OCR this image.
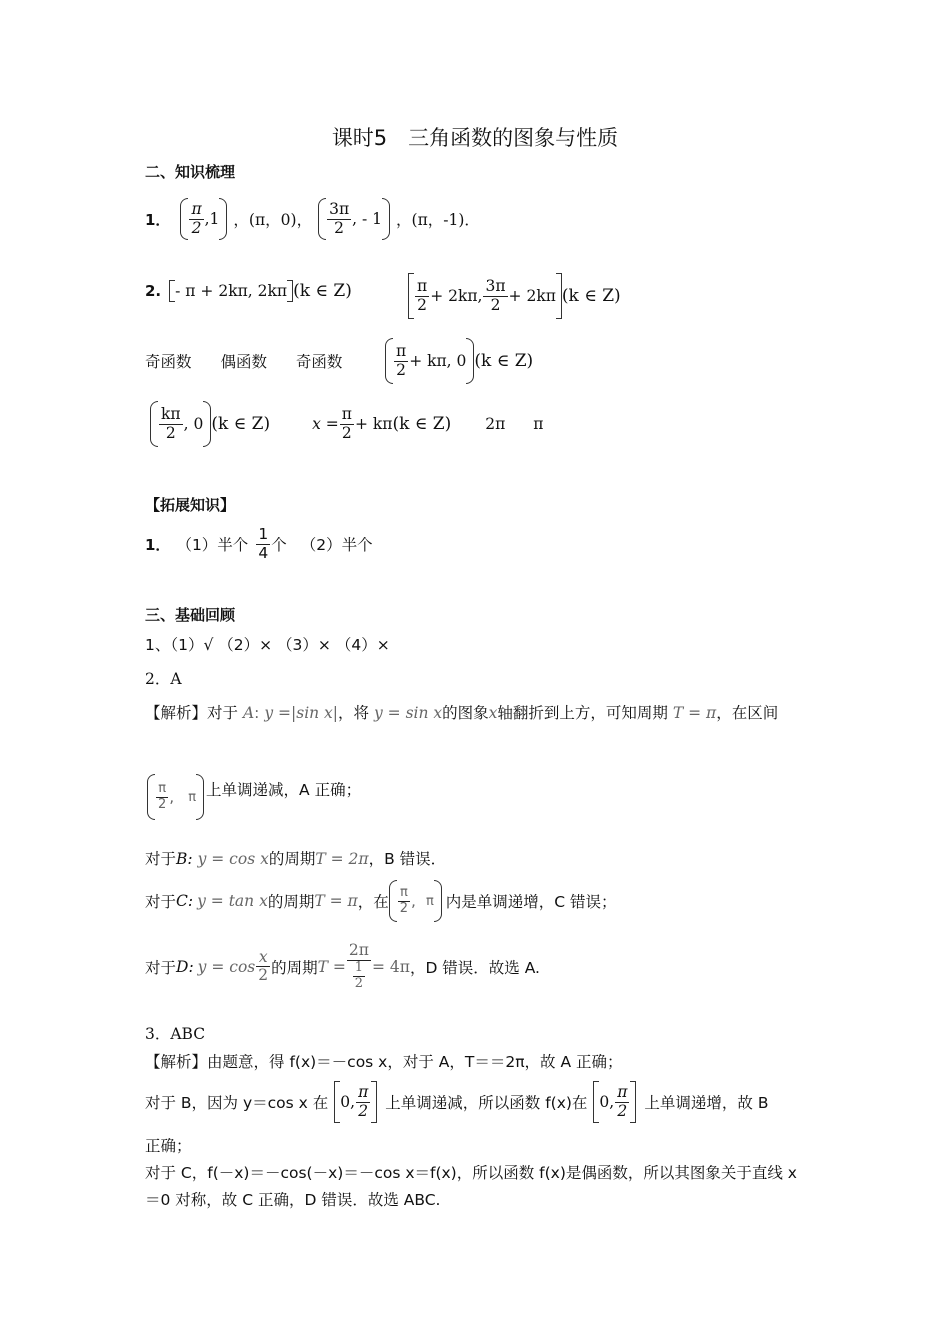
课时5　三角函数的图象与性质
二、知识梳理
1． $\frac{\pi}{2} ,1$ ，(π，0)， $\frac{3\pi}{2}$ , - 1 ，(π，-1)．
2. - π + 2kπ, 2kπ (k ∈ Z)	$\frac{\pi}{2} + 2k\pi$, $\frac{3\pi}{2} + 2k\pi$ (k ∈ Z)
奇函数 偶函数 奇函数	$\frac{\pi}{2} + k\pi$, 0 (k ∈ Z)
$\frac{k\pi}{2}$ , 0 (k ∈ Z)	$x = \frac{\pi}{2} + k\pi$ (k ∈ Z) 2π π
【拓展知识】
1． （1）半个 $\frac{1}{4}$ 个 （2）半个
三、基础回顾
1、（1）√ （2）× （3）× （4）×
2．A
【解析】对于 A: y =|sin x|，将 y = sin x的图象x轴翻折到上方，可知周期 T = π，在区间
$\frac{\pi}{2}$ , π 上单调递减，A 正确；
对于B: y = cos x的周期T = 2π，B 错误．
对于 C: y = tan x 的周期 T = π ，在 $\frac{\pi}{2}$ , π 内是单调递增，C 错误；
对于 D: $y = \cos \frac{x}{2}$ 的周期 $T = \frac{2\pi}{\frac{1}{2}} = 4\pi$ ，D 错误．故选 A.
3．ABC
【解析】由题意，得 f(x)＝－cos x，对于 A，T＝＝2π，故 A 正确；
对于 B，因为 y＝cos x 在 0, $\frac{\pi}{2}$ 上单调递减，所以函数 f(x)在 0, $\frac{\pi}{2}$ 上单调递增，故 B
正确；
对于 C，f(－x)＝－cos(－x)＝－cos x＝f(x)，所以函数 f(x)是偶函数，所以其图象关于直线 x
＝0 对称，故 C 正确，D 错误．故选 ABC.
